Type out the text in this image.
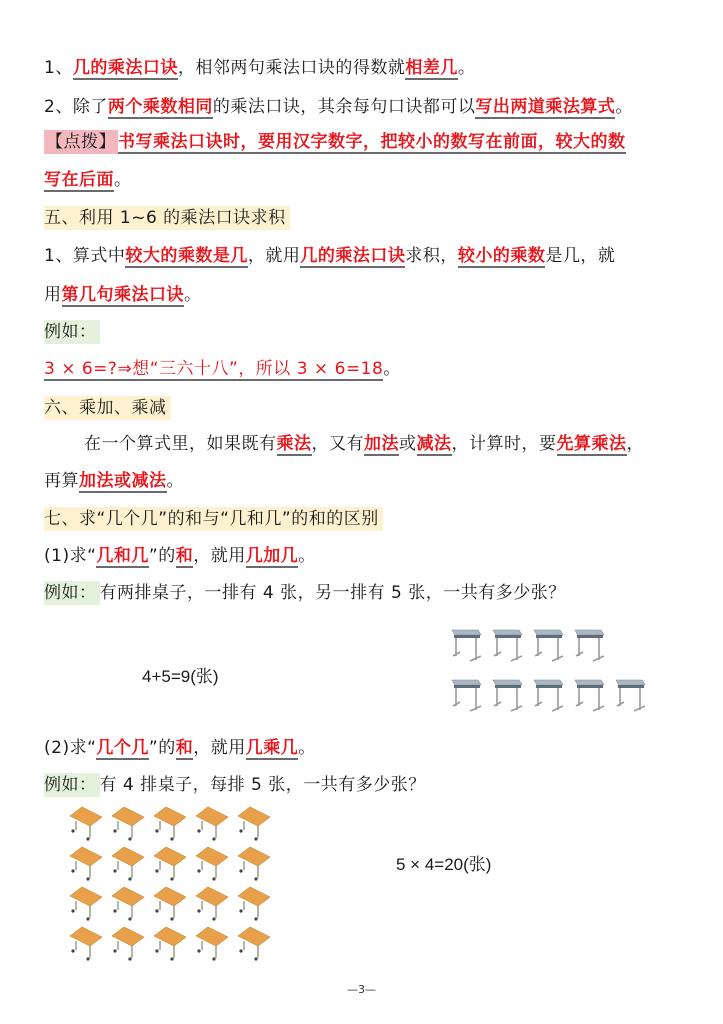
1、几的乘法口诀，相邻两句乘法口诀的得数就相差几。
2、除了两个乘数相同的乘法口诀，其余每句口诀都可以写出两道乘法算式。
【点拨】 书写乘法口诀时，要用汉字数字，把较小的数写在前面，较大的数
写在后面。
五、利用 1~6 的乘法口诀求积
1、算式中较大的乘数是几，就用几的乘法口诀求积，较小的乘数是几，就
用第几句乘法口诀。
例如：
3 × 6=?⇒想“三六十八”，所以 3 × 6=18。
六、乘加、乘减
在一个算式里，如果既有乘法，又有加法或减法，计算时，要先算乘法，
再算加法或减法。
七、求“几个几”的和与“几和几”的和的区别
(1)求“几和几”的和，就用几加几。
例如： 有两排桌子，一排有 4 张，另一排有 5 张，一共有多少张？
4+5=9(张)
(2)求“几个几”的和，就用几乘几。
例如： 有 4 排桌子，每排 5 张，一共有多少张？
5 × 4=20(张)
—3—
